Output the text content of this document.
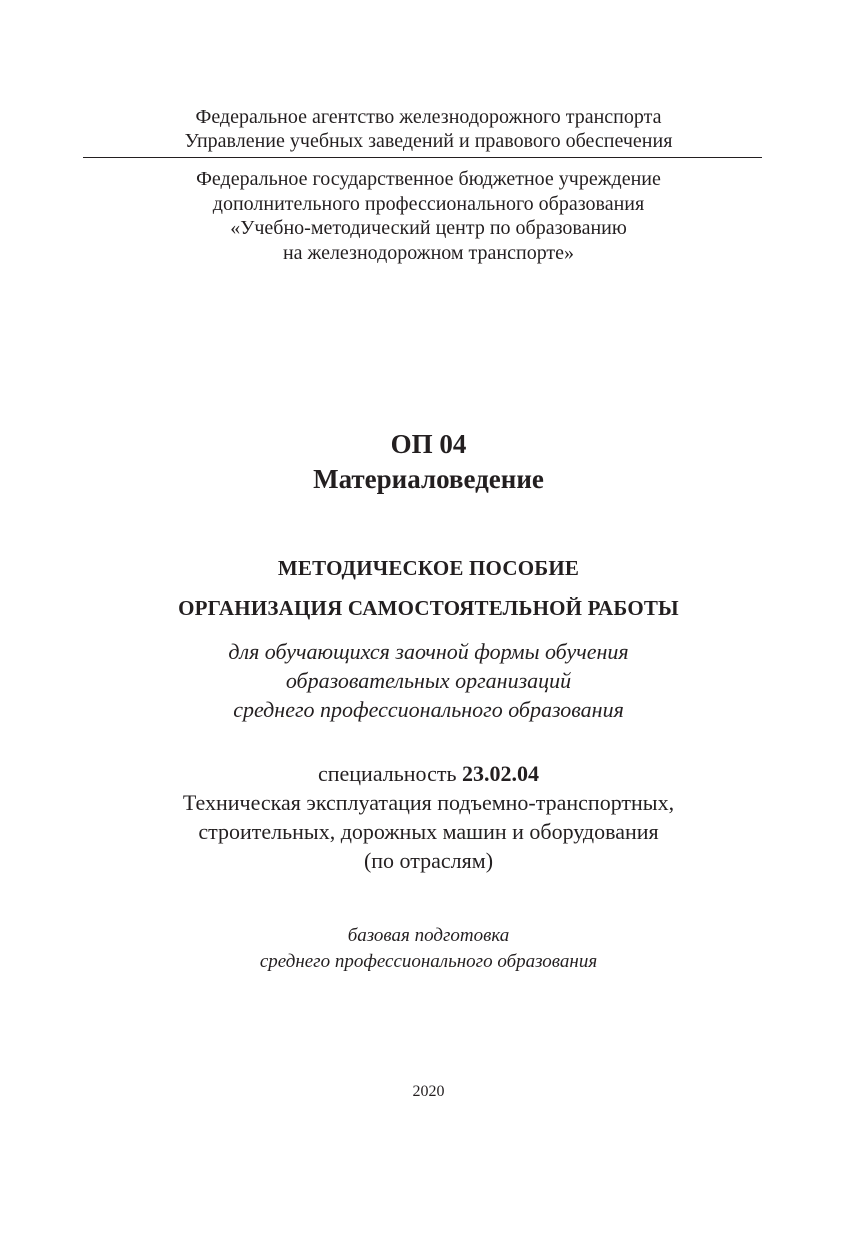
Федеральное агентство железнодорожного транспорта
Управление учебных заведений и правового обеспечения
Федеральное государственное бюджетное учреждение
дополнительного профессионального образования
«Учебно-методический центр по образованию
на железнодорожном транспорте»
ОП 04
Материаловедение
МЕТОДИЧЕСКОЕ ПОСОБИЕ
ОРГАНИЗАЦИЯ САМОСТОЯТЕЛЬНОЙ РАБОТЫ
для обучающихся заочной формы обучения
образовательных организаций
среднего профессионального образования
специальность 23.02.04
Техническая эксплуатация подъемно-транспортных,
строительных, дорожных машин и оборудования
(по отраслям)
базовая подготовка
среднего профессионального образования
2020
